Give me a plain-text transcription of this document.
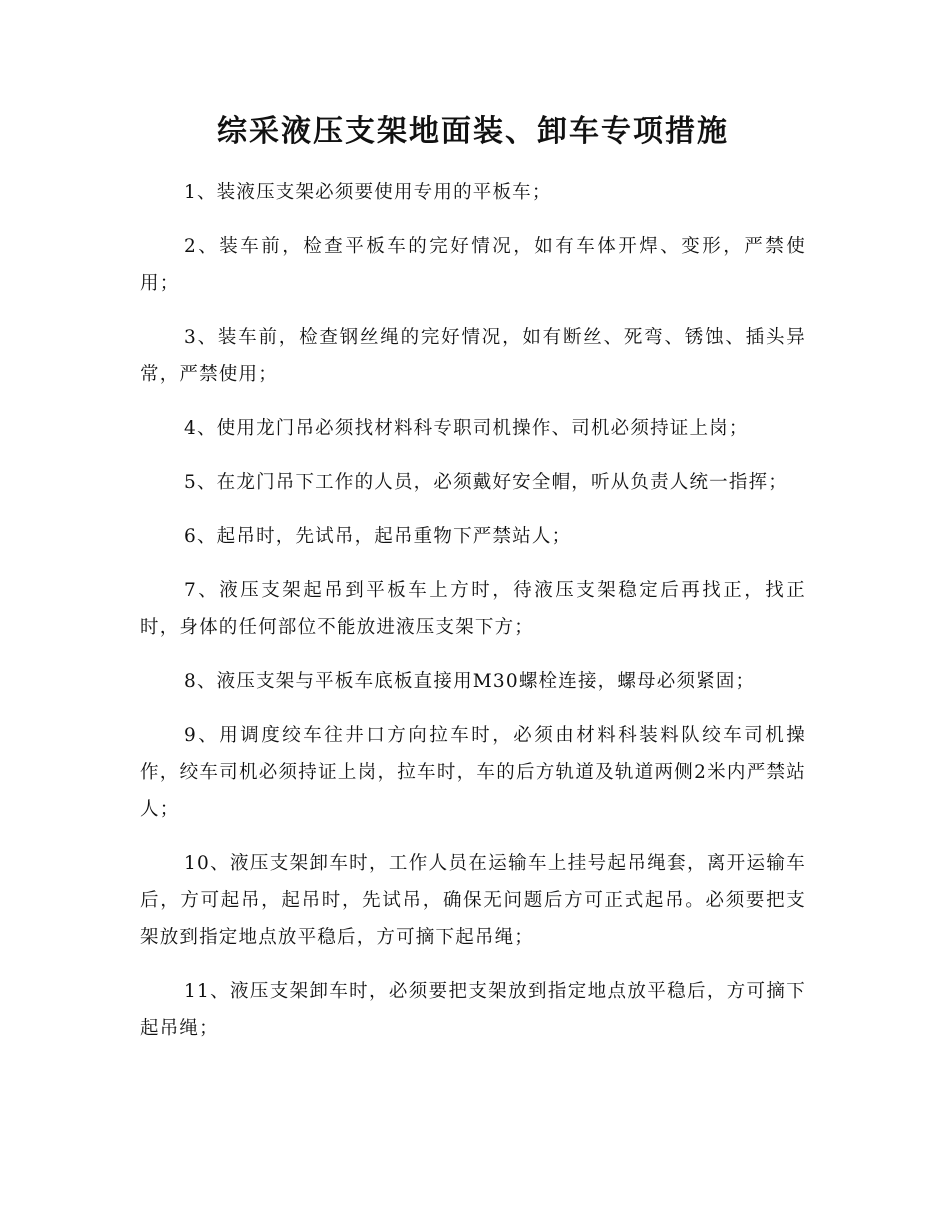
综采液压支架地面装、卸车专项措施

1、装液压支架必须要使用专用的平板车；

2、装车前，检查平板车的完好情况，如有车体开焊、变形，严禁使用；

3、装车前，检查钢丝绳的完好情况，如有断丝、死弯、锈蚀、插头异常，严禁使用；

4、使用龙门吊必须找材料科专职司机操作、司机必须持证上岗；

5、在龙门吊下工作的人员，必须戴好安全帽，听从负责人统一指挥；

6、起吊时，先试吊，起吊重物下严禁站人；

7、液压支架起吊到平板车上方时，待液压支架稳定后再找正，找正时，身体的任何部位不能放进液压支架下方；

8、液压支架与平板车底板直接用M30螺栓连接，螺母必须紧固；

9、用调度绞车往井口方向拉车时，必须由材料科装料队绞车司机操作，绞车司机必须持证上岗，拉车时，车的后方轨道及轨道两侧2米内严禁站人；

10、液压支架卸车时，工作人员在运输车上挂号起吊绳套，离开运输车后，方可起吊，起吊时，先试吊，确保无问题后方可正式起吊。必须要把支架放到指定地点放平稳后，方可摘下起吊绳；

11、液压支架卸车时，必须要把支架放到指定地点放平稳后，方可摘下起吊绳；
